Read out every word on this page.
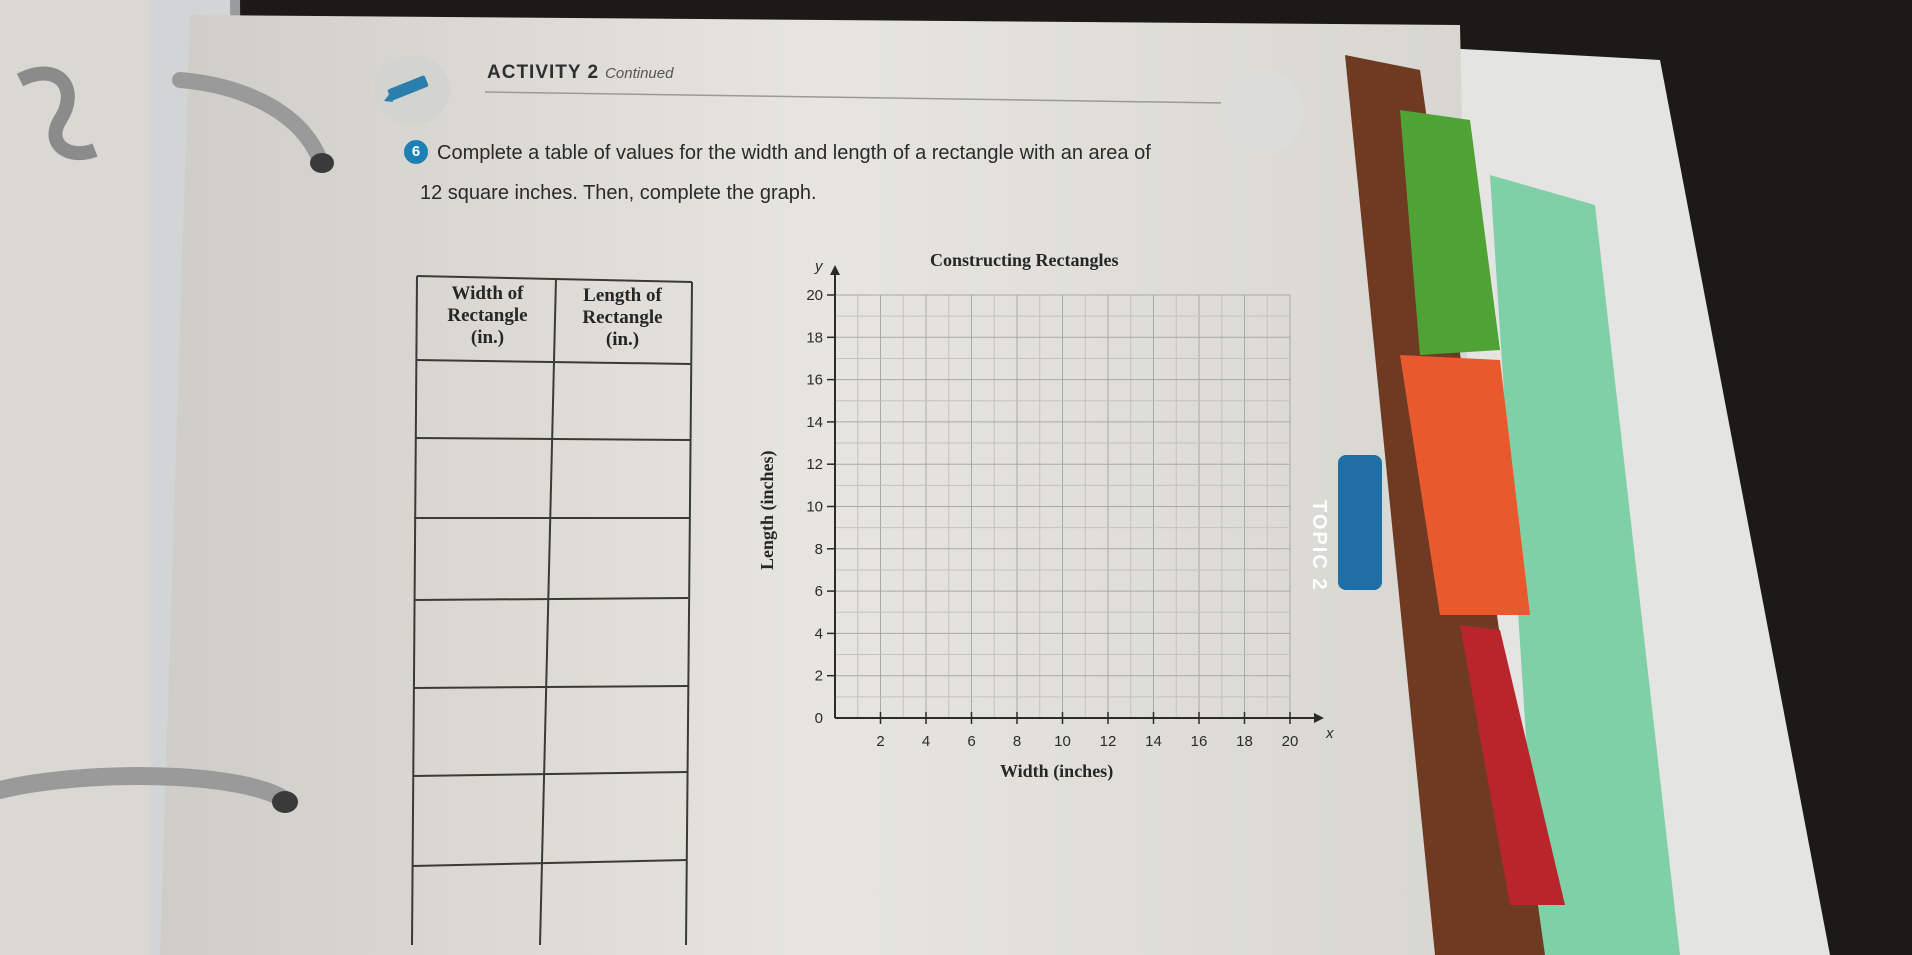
ACTIVITY 2 Continued
6 Complete a table of values for the width and length of a rectangle with an area of
12 square inches. Then, complete the graph.
Width of
Rectangle
(in.)
Length of
Rectangle
(in.)
Constructing Rectangles
x
y
2 4 6 8 10 12 14 16 18 20
0
2
4
6
8
10
12
14
16
18
20
Width (inches)
Length (inches)	TOPIC 2
